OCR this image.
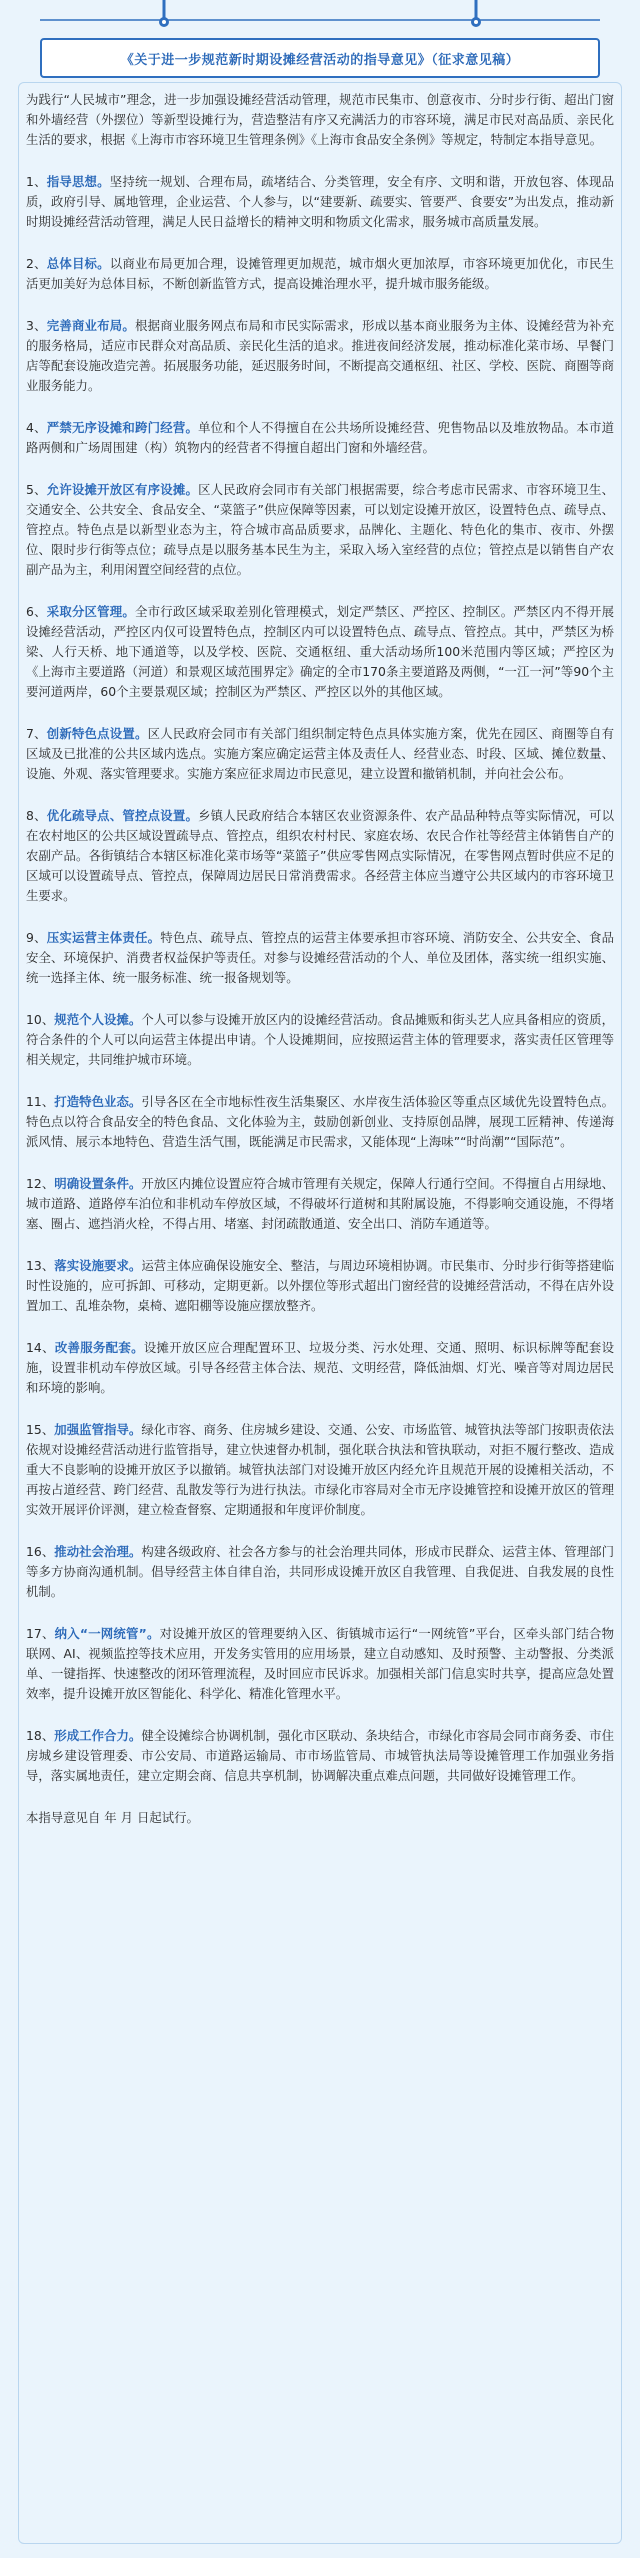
《关于进一步规范新时期设摊经营活动的指导意见》（征求意见稿）

为践行“人民城市”理念，进一步加强设摊经营活动管理，规范市民集市、创意夜市、分时步行街、超出门窗和外墙经营（外摆位）等新型设摊行为，营造整洁有序又充满活力的市容环境，满足市民对高品质、亲民化生活的要求，根据《上海市市容环境卫生管理条例》《上海市食品安全条例》等规定，特制定本指导意见。

1、指导思想。坚持统一规划、合理布局，疏堵结合、分类管理，安全有序、文明和谐，开放包容、体现品质，政府引导、属地管理，企业运营、个人参与，以“建要新、疏要实、管要严、食要安”为出发点，推动新时期设摊经营活动管理，满足人民日益增长的精神文明和物质文化需求，服务城市高质量发展。

2、总体目标。以商业布局更加合理，设摊管理更加规范，城市烟火更加浓厚，市容环境更加优化，市民生活更加美好为总体目标，不断创新监管方式，提高设摊治理水平，提升城市服务能级。

3、完善商业布局。根据商业服务网点布局和市民实际需求，形成以基本商业服务为主体、设摊经营为补充的服务格局，适应市民群众对高品质、亲民化生活的追求。推进夜间经济发展，推动标准化菜市场、早餐门店等配套设施改造完善。拓展服务功能，延迟服务时间，不断提高交通枢纽、社区、学校、医院、商圈等商业服务能力。

4、严禁无序设摊和跨门经营。单位和个人不得擅自在公共场所设摊经营、兜售物品以及堆放物品。本市道路两侧和广场周围建（构）筑物内的经营者不得擅自超出门窗和外墙经营。

5、允许设摊开放区有序设摊。区人民政府会同市有关部门根据需要，综合考虑市民需求、市容环境卫生、交通安全、公共安全、食品安全、“菜篮子”供应保障等因素，可以划定设摊开放区，设置特色点、疏导点、管控点。特色点是以新型业态为主，符合城市高品质要求，品牌化、主题化、特色化的集市、夜市、外摆位、限时步行街等点位；疏导点是以服务基本民生为主，采取入场入室经营的点位；管控点是以销售自产农副产品为主，利用闲置空间经营的点位。

6、采取分区管理。全市行政区域采取差别化管理模式，划定严禁区、严控区、控制区。严禁区内不得开展设摊经营活动，严控区内仅可设置特色点，控制区内可以设置特色点、疏导点、管控点。其中，严禁区为桥梁、人行天桥、地下通道等，以及学校、医院、交通枢纽、重大活动场所100米范围内等区域；严控区为《上海市主要道路（河道）和景观区域范围界定》确定的全市170条主要道路及两侧，“一江一河”等90个主要河道两岸，60个主要景观区域；控制区为严禁区、严控区以外的其他区域。

7、创新特色点设置。区人民政府会同市有关部门组织制定特色点具体实施方案，优先在园区、商圈等自有区域及已批准的公共区域内选点。实施方案应确定运营主体及责任人、经营业态、时段、区域、摊位数量、设施、外观、落实管理要求。实施方案应征求周边市民意见，建立设置和撤销机制，并向社会公布。

8、优化疏导点、管控点设置。乡镇人民政府结合本辖区农业资源条件、农产品品种特点等实际情况，可以在农村地区的公共区域设置疏导点、管控点，组织农村村民、家庭农场、农民合作社等经营主体销售自产的农副产品。各街镇结合本辖区标准化菜市场等“菜篮子”供应零售网点实际情况，在零售网点暂时供应不足的区域可以设置疏导点、管控点，保障周边居民日常消费需求。各经营主体应当遵守公共区域内的市容环境卫生要求。

9、压实运营主体责任。特色点、疏导点、管控点的运营主体要承担市容环境、消防安全、公共安全、食品安全、环境保护、消费者权益保护等责任。对参与设摊经营活动的个人、单位及团体，落实统一组织实施、统一选择主体、统一服务标准、统一报备规划等。

10、规范个人设摊。个人可以参与设摊开放区内的设摊经营活动。食品摊贩和街头艺人应具备相应的资质，符合条件的个人可以向运营主体提出申请。个人设摊期间，应按照运营主体的管理要求，落实责任区管理等相关规定，共同维护城市环境。

11、打造特色业态。引导各区在全市地标性夜生活集聚区、水岸夜生活体验区等重点区域优先设置特色点。特色点以符合食品安全的特色食品、文化体验为主，鼓励创新创业、支持原创品牌，展现工匠精神、传递海派风情、展示本地特色、营造生活气围，既能满足市民需求，又能体现“上海味”“时尚潮”“国际范”。

12、明确设置条件。开放区内摊位设置应符合城市管理有关规定，保障人行通行空间。不得擅自占用绿地、城市道路、道路停车泊位和非机动车停放区域，不得破坏行道树和其附属设施，不得影响交通设施，不得堵塞、圈占、遮挡消火栓，不得占用、堵塞、封闭疏散通道、安全出口、消防车通道等。

13、落实设施要求。运营主体应确保设施安全、整洁，与周边环境相协调。市民集市、分时步行街等搭建临时性设施的，应可拆卸、可移动，定期更新。以外摆位等形式超出门窗经营的设摊经营活动，不得在店外设置加工、乱堆杂物，桌椅、遮阳棚等设施应摆放整齐。

14、改善服务配套。设摊开放区应合理配置环卫、垃圾分类、污水处理、交通、照明、标识标牌等配套设施，设置非机动车停放区域。引导各经营主体合法、规范、文明经营，降低油烟、灯光、噪音等对周边居民和环境的影响。

15、加强监管指导。绿化市容、商务、住房城乡建设、交通、公安、市场监管、城管执法等部门按职责依法依规对设摊经营活动进行监管指导，建立快速督办机制，强化联合执法和管执联动，对拒不履行整改、造成重大不良影响的设摊开放区予以撤销。城管执法部门对设摊开放区内经允许且规范开展的设摊相关活动，不再按占道经营、跨门经营、乱散发等行为进行执法。市绿化市容局对全市无序设摊管控和设摊开放区的管理实效开展评价评测，建立检查督察、定期通报和年度评价制度。

16、推动社会治理。构建各级政府、社会各方参与的社会治理共同体，形成市民群众、运营主体、管理部门等多方协商沟通机制。倡导经营主体自律自治，共同形成设摊开放区自我管理、自我促进、自我发展的良性机制。

17、纳入“一网统管”。对设摊开放区的管理要纳入区、街镇城市运行“一网统管”平台，区牵头部门结合物联网、AI、视频监控等技术应用，开发务实管用的应用场景，建立自动感知、及时预警、主动警报、分类派单、一键指挥、快速整改的闭环管理流程，及时回应市民诉求。加强相关部门信息实时共享，提高应急处置效率，提升设摊开放区智能化、科学化、精准化管理水平。

18、形成工作合力。健全设摊综合协调机制，强化市区联动、条块结合，市绿化市容局会同市商务委、市住房城乡建设管理委、市公安局、市道路运输局、市市场监管局、市城管执法局等设摊管理工作加强业务指导，落实属地责任，建立定期会商、信息共享机制，协调解决重点难点问题，共同做好设摊管理工作。

本指导意见自 年 月 日起试行。
